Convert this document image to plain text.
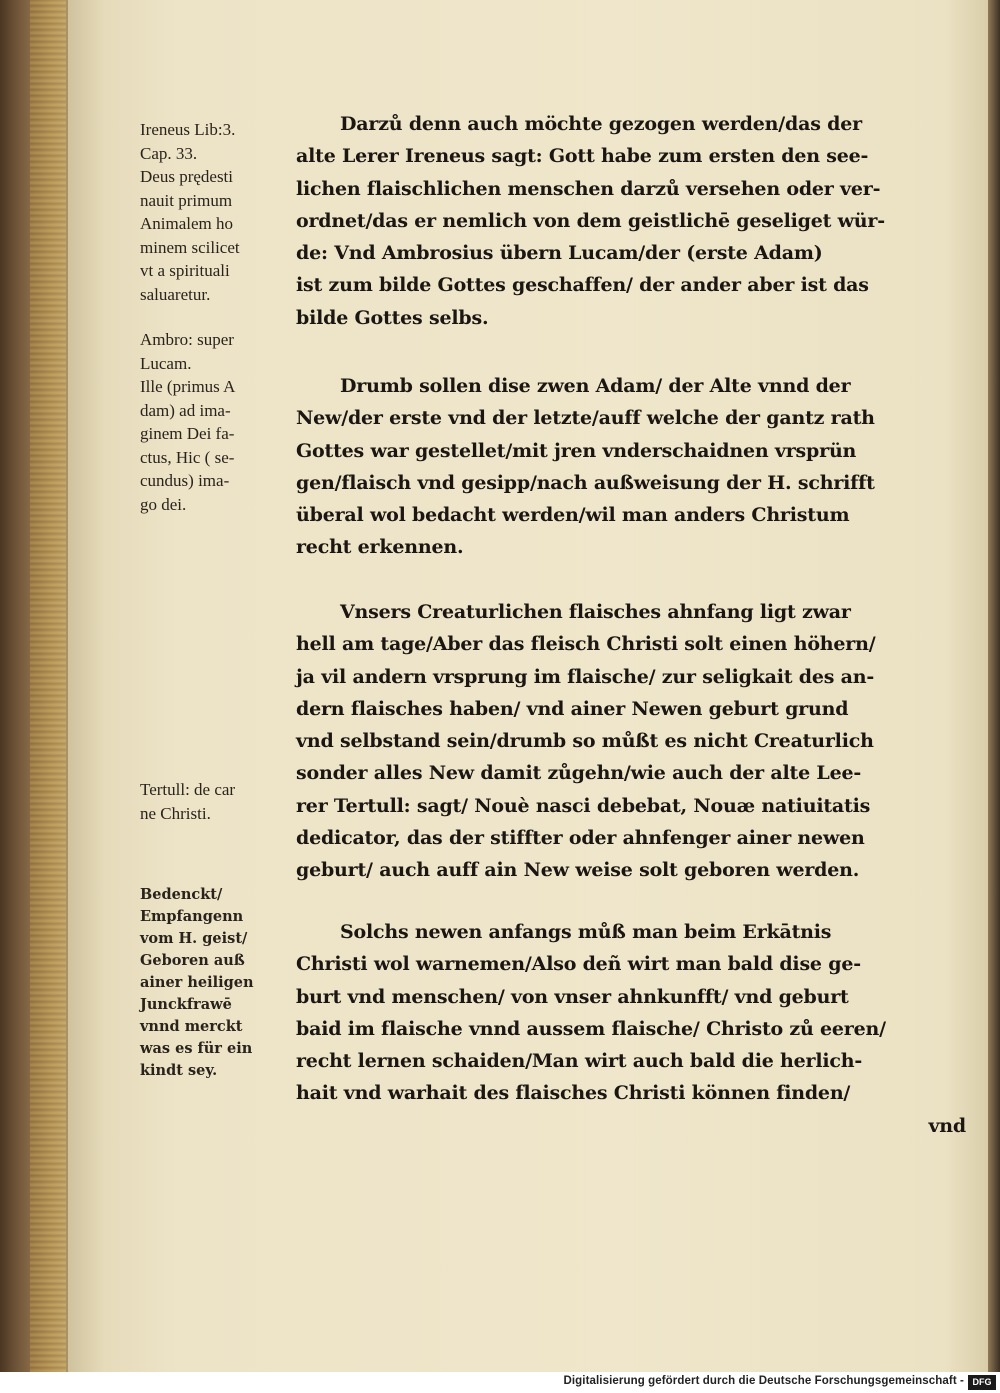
Ireneus Lib:3.
Cap. 33.
Deus prędesti
nauit primum
Animalem ho
minem scilicet
vt a spirituali
saluaretur.
Ambro: super
Lucam.
Ille (primus A
dam) ad ima-
ginem Dei fa-
ctus, Hic ( se-
cundus) ima-
go dei.
Tertull: de car
ne Christi.
Bedenckt/
Empfangenn
vom H. geist/
Geboren auß
ainer heiligen
Junckfrawē
vnnd merckt
was es für ein
kindt sey.
Darzů denn auch möchte gezogen werden/das der
alte Lerer Ireneus sagt: Gott habe zum ersten den see-
lichen flaischlichen menschen darzů versehen oder ver-
ordnet/das er nemlich von dem geistlichē geseliget wür-
de: Vnd Ambrosius übern Lucam/der (erste Adam)
ist zum bilde Gottes geschaffen/ der ander aber ist das
bilde Gottes selbs.
Drumb sollen dise zwen Adam/ der Alte vnnd der
New/der erste vnd der letzte/auff welche der gantz rath
Gottes war gestellet/mit jren vnderschaidnen vrsprün
gen/flaisch vnd gesipp/nach außweisung der H. schrifft
überal wol bedacht werden/wil man anders Christum
recht erkennen.
Vnsers Creaturlichen flaisches ahnfang ligt zwar
hell am tage/Aber das fleisch Christi solt einen höhern/
ja vil andern vrsprung im flaische/ zur seligkait des an-
dern flaisches haben/ vnd ainer Newen geburt grund
vnd selbstand sein/drumb so můßt es nicht Creaturlich
sonder alles New damit zůgehn/wie auch der alte Lee-
rer Tertull: sagt/ Nouè nasci debebat, Nouæ natiuitatis
dedicator, das der stiffter oder ahnfenger ainer newen
geburt/ auch auff ain New weise solt geboren werden.
Solchs newen anfangs můß man beim Erkātnis
Christi wol warnemen/Also deñ wirt man bald dise ge-
burt vnd menschen/ von vnser ahnkunfft/ vnd geburt
baid im flaische vnnd aussem flaische/ Christo zů eeren/
recht lernen schaiden/Man wirt auch bald die herlich-
hait vnd warhait des flaisches Christi können finden/
vnd
Digitalisierung gefördert durch die Deutsche Forschungsgemeinschaft - DFG
